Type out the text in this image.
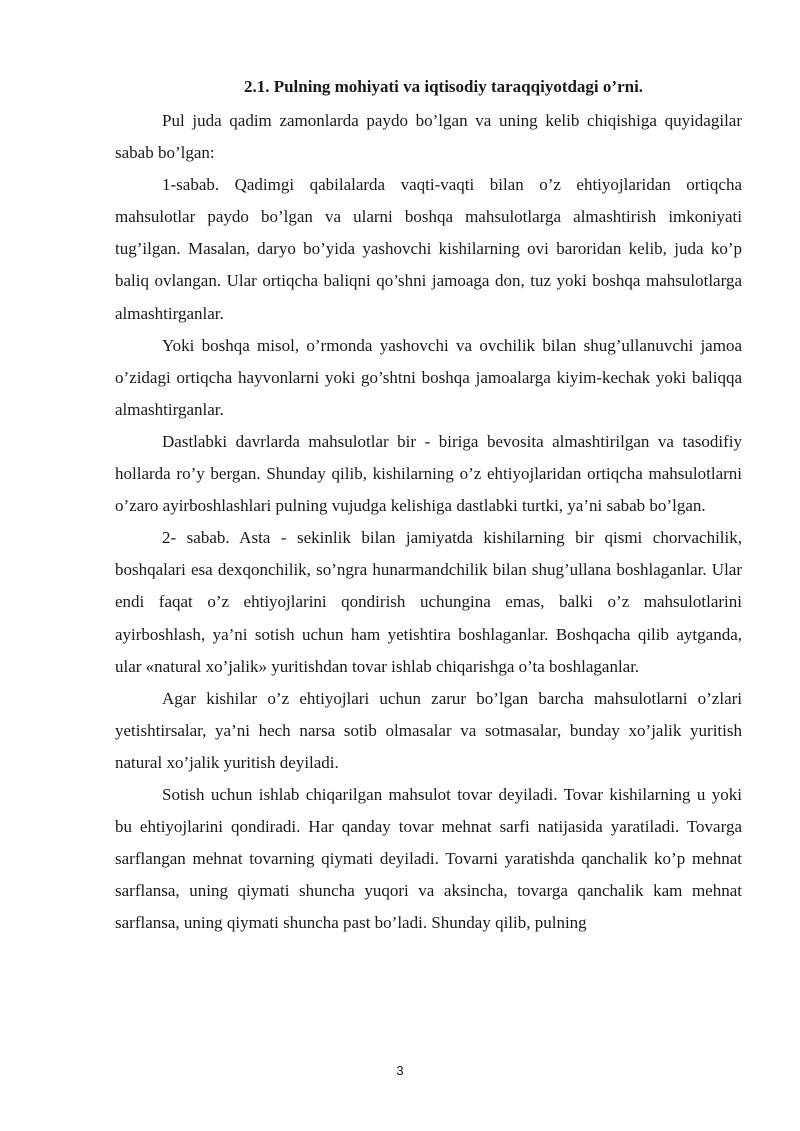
2.1. Pulning mohiyati va iqtisodiy taraqqiyotdagi o’rni.

Pul juda qadim zamonlarda paydo bo’lgan va uning kelib chiqishiga quyidagilar sabab bo’lgan:

1-sabab. Qadimgi qabilalarda vaqti-vaqti bilan o’z ehtiyojlaridan ortiqcha mahsulotlar paydo bo’lgan va ularni boshqa mahsulotlarga almashtirish imkoniyati tug’ilgan. Masalan, daryo bo’yida yashovchi kishilarning ovi baroridan kelib, juda ko’p baliq ovlangan. Ular ortiqcha baliqni qo’shni jamoaga don, tuz yoki boshqa mahsulotlarga almashtirganlar.

Yoki boshqa misol, o’rmonda yashovchi va ovchilik bilan shug’ullanuvchi jamoa o’zidagi ortiqcha hayvonlarni yoki go’shtni boshqa jamoalarga kiyim-kechak yoki baliqqa almashtirganlar.

Dastlabki davrlarda mahsulotlar bir - biriga bevosita almashtirilgan va tasodifiy hollarda ro’y bergan. Shunday qilib, kishilarning o’z ehtiyojlaridan ortiqcha mahsulotlarni o’zaro ayirboshlashlari pulning vujudga kelishiga dastlabki turtki, ya’ni sabab bo’lgan.

2- sabab. Asta - sekinlik bilan jamiyatda kishilarning bir qismi chorvachilik, boshqalari esa dexqonchilik, so’ngra hunarmandchilik bilan shug’ullana boshlaganlar. Ular endi faqat o’z ehtiyojlarini qondirish uchungina emas, balki o’z mahsulotlarini ayirboshlash, ya’ni sotish uchun ham yetishtira boshlaganlar. Boshqacha qilib aytganda, ular «natural xo’jalik» yuritishdan tovar ishlab chiqarishga o’ta boshlaganlar.

Agar kishilar o’z ehtiyojlari uchun zarur bo’lgan barcha mahsulotlarni o’zlari yetishtirsalar, ya’ni hech narsa sotib olmasalar va sotmasalar, bunday xo’jalik yuritish natural xo’jalik yuritish deyiladi.

Sotish uchun ishlab chiqarilgan mahsulot tovar deyiladi. Tovar kishilarning u yoki bu ehtiyojlarini qondiradi. Har qanday tovar mehnat sarfi natijasida yaratiladi. Tovarga sarflangan mehnat tovarning qiymati deyiladi. Tovarni yaratishda qanchalik ko’p mehnat sarflansa, uning qiymati shuncha yuqori va aksincha, tovarga qanchalik kam mehnat sarflansa, uning qiymati shuncha past bo’ladi. Shunday qilib, pulning

3
